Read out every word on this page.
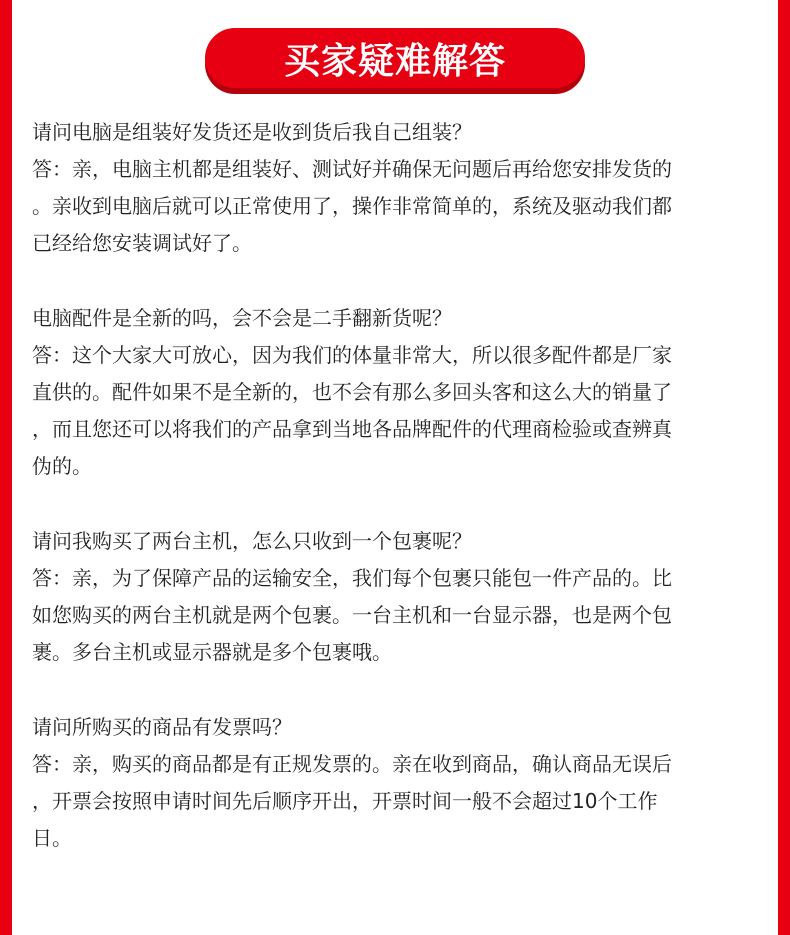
买家疑难解答
请问电脑是组装好发货还是收到货后我自己组装？
答：亲，电脑主机都是组装好、测试好并确保无问题后再给您安排发货的
。亲收到电脑后就可以正常使用了，操作非常简单的，系统及驱动我们都
已经给您安装调试好了。
电脑配件是全新的吗，会不会是二手翻新货呢？
答：这个大家大可放心，因为我们的体量非常大，所以很多配件都是厂家
直供的。配件如果不是全新的，也不会有那么多回头客和这么大的销量了
，而且您还可以将我们的产品拿到当地各品牌配件的代理商检验或查辨真
伪的。
请问我购买了两台主机，怎么只收到一个包裹呢？
答：亲，为了保障产品的运输安全，我们每个包裹只能包一件产品的。比
如您购买的两台主机就是两个包裹。一台主机和一台显示器，也是两个包
裹。多台主机或显示器就是多个包裹哦。
请问所购买的商品有发票吗？
答：亲，购买的商品都是有正规发票的。亲在收到商品，确认商品无误后
，开票会按照申请时间先后顺序开出，开票时间一般不会超过10个工作
日。
